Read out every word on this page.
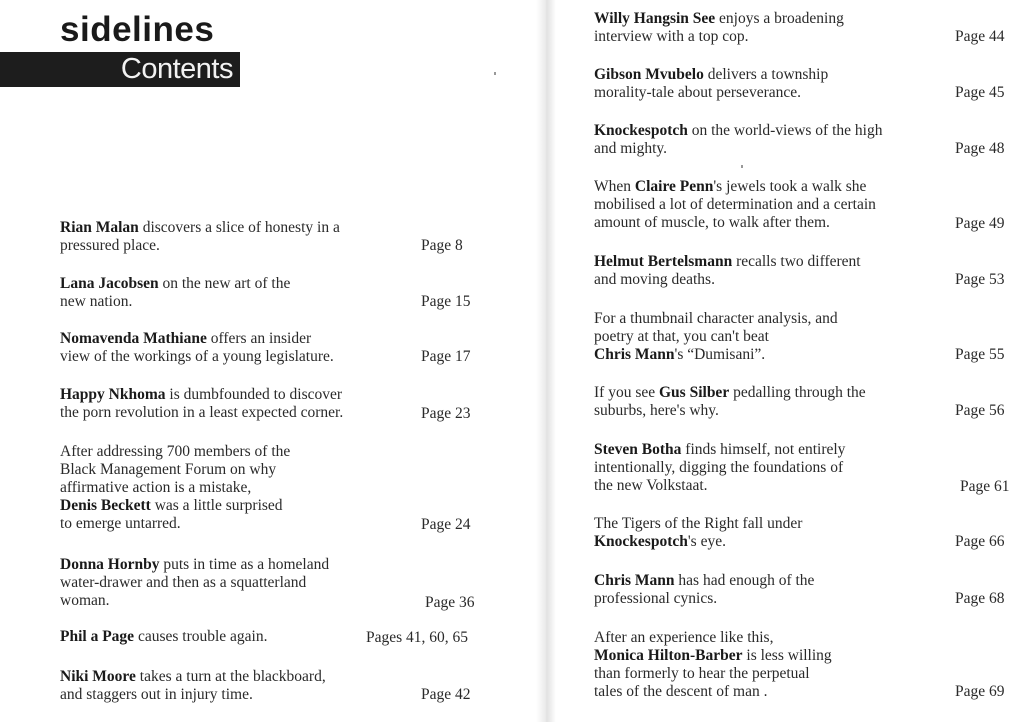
sidelines
Contents
Rian Malan discovers a slice of honesty in a
pressured place.	Page 8
Lana Jacobsen on the new art of the
new nation.	Page 15
Nomavenda Mathiane offers an insider
view of the workings of a young legislature.	Page 17
Happy Nkhoma is dumbfounded to discover
the porn revolution in a least expected corner.	Page 23
After addressing 700 members of the
Black Management Forum on why
affirmative action is a mistake,
Denis Beckett was a little surprised
to emerge untarred.	Page 24
Donna Hornby puts in time as a homeland
water-drawer and then as a squatterland
woman.	Page 36
Phil a Page causes trouble again.	Pages 41, 60, 65
Niki Moore takes a turn at the blackboard,
and staggers out in injury time.	Page 42
Willy Hangsin See enjoys a broadening
interview with a top cop.	Page 44
Gibson Mvubelo delivers a township
morality-tale about perseverance.	Page 45
Knockespotch on the world-views of the high
and mighty.	Page 48
When Claire Penn's jewels took a walk she
mobilised a lot of determination and a certain
amount of muscle, to walk after them.	Page 49
Helmut Bertelsmann recalls two different
and moving deaths.	Page 53
For a thumbnail character analysis, and
poetry at that, you can't beat
Chris Mann's “Dumisani”.	Page 55
If you see Gus Silber pedalling through the
suburbs, here's why.	Page 56
Steven Botha finds himself, not entirely
intentionally, digging the foundations of
the new Volkstaat.	Page 61
The Tigers of the Right fall under
Knockespotch's eye.	Page 66
Chris Mann has had enough of the
professional cynics.	Page 68
After an experience like this,
Monica Hilton-Barber is less willing
than formerly to hear the perpetual
tales of the descent of man .	Page 69
